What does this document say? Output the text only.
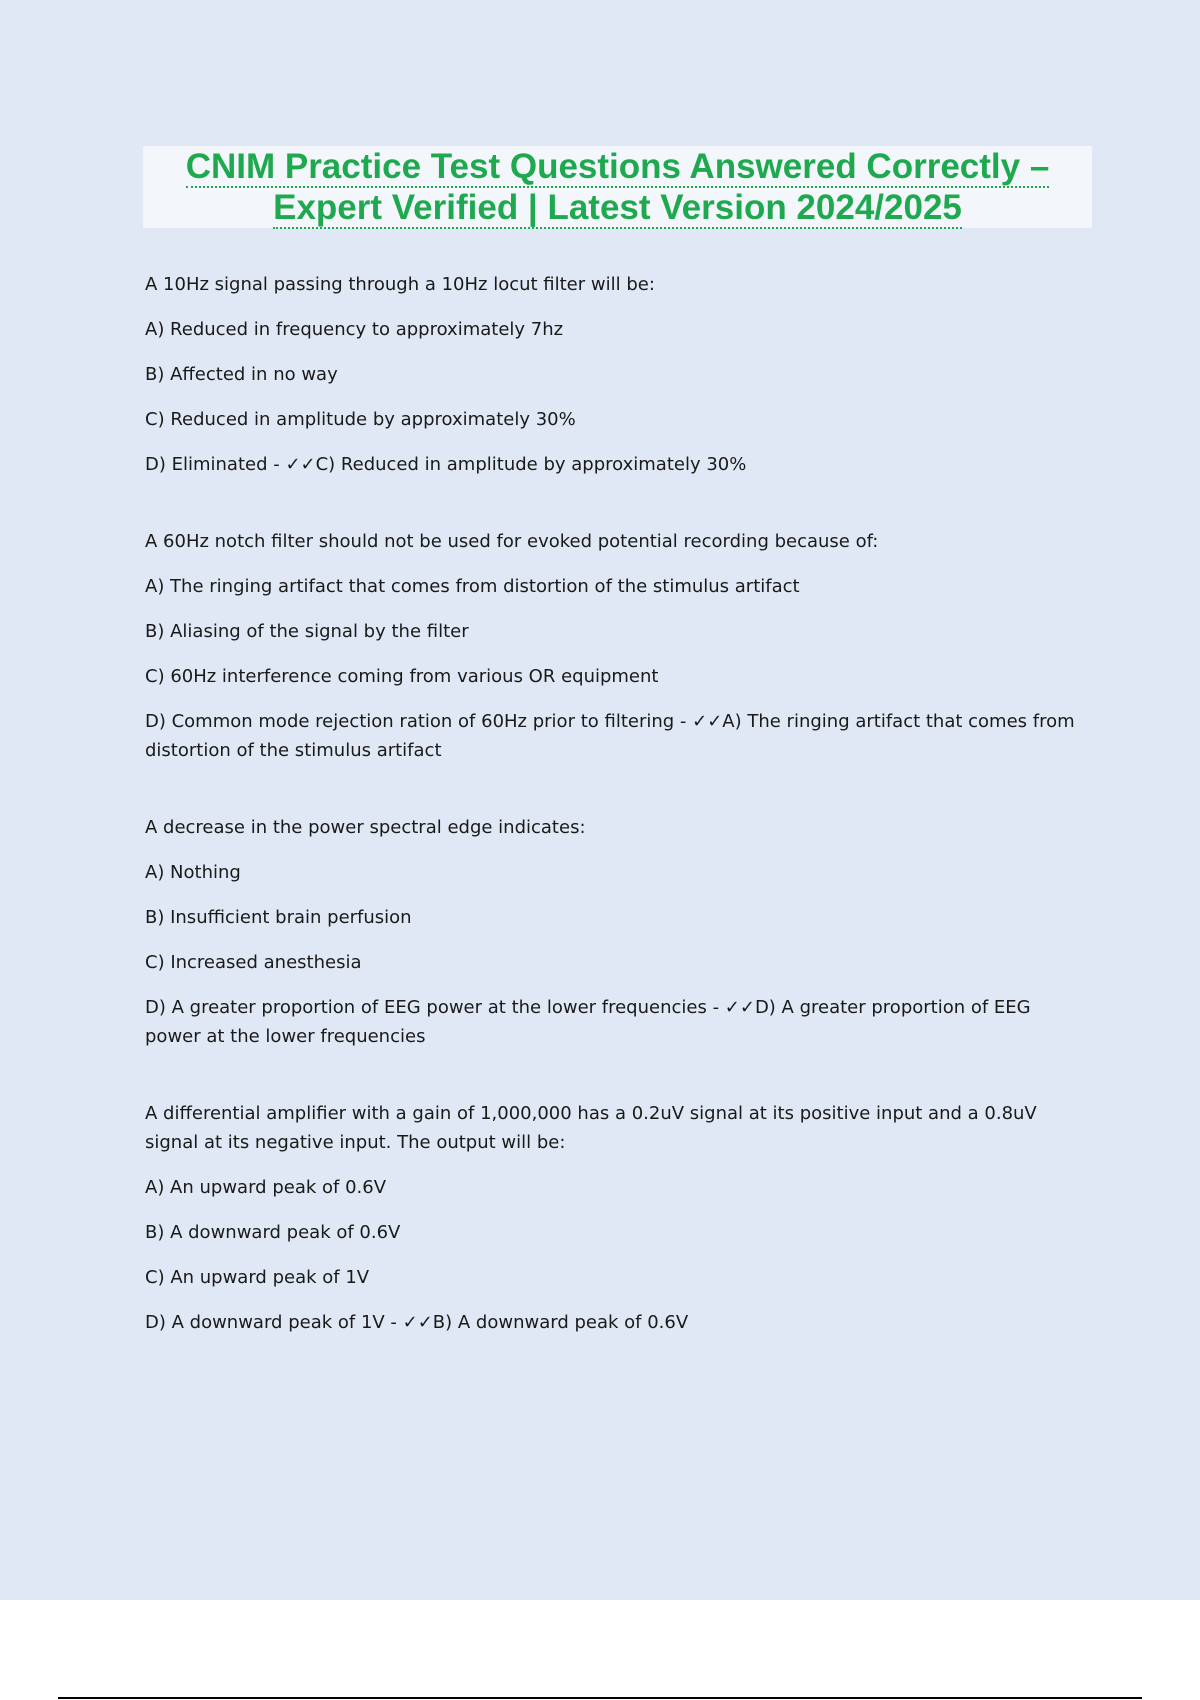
CNIM Practice Test Questions Answered Correctly –
Expert Verified | Latest Version 2024/2025
A 10Hz signal passing through a 10Hz locut filter will be:
A) Reduced in frequency to approximately 7hz
B) Affected in no way
C) Reduced in amplitude by approximately 30%
D) Eliminated - ✓✓C) Reduced in amplitude by approximately 30%
A 60Hz notch filter should not be used for evoked potential recording because of:
A) The ringing artifact that comes from distortion of the stimulus artifact
B) Aliasing of the signal by the filter
C) 60Hz interference coming from various OR equipment
D) Common mode rejection ration of 60Hz prior to filtering - ✓✓A) The ringing artifact that comes from distortion of the stimulus artifact
A decrease in the power spectral edge indicates:
A) Nothing
B) Insufficient brain perfusion
C) Increased anesthesia
D) A greater proportion of EEG power at the lower frequencies - ✓✓D) A greater proportion of EEG power at the lower frequencies
A differential amplifier with a gain of 1,000,000 has a 0.2uV signal at its positive input and a 0.8uV signal at its negative input. The output will be:
A) An upward peak of 0.6V
B) A downward peak of 0.6V
C) An upward peak of 1V
D) A downward peak of 1V - ✓✓B) A downward peak of 0.6V
